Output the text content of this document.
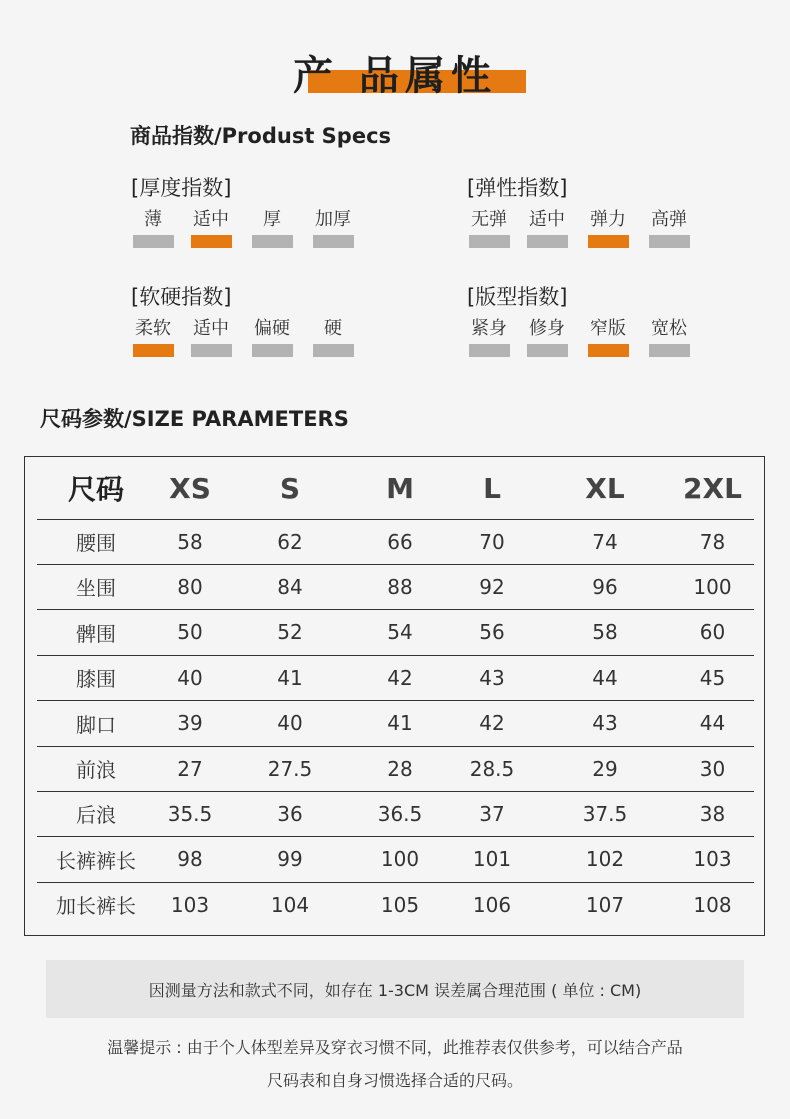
产 品属性
商品指数/Produst Specs
[厚度指数]
薄	适中	厚	加厚
[弹性指数]
无弹 适中 弹力 高弹
[软硬指数]
柔软 适中 偏硬	硬
[版型指数]
紧身 修身 窄版 宽松
尺码参数/SIZE PARAMETERS
尺码	XS	S	M	L	XL	2XL
腰围	58	62	66	70	74	78
坐围	80	84	88	92	96	100
髀围	50	52	54	56	58	60
膝围	40	41	42	43	44	45
脚口	39	40	41	42	43	44
前浪	27	27.5	28	28.5	29	30
后浪	35.5	36	36.5	37	37.5	38
长裤裤长	98	99	100	101	102	103
加长裤长	103	104	105	106	107	108
因测量方法和款式不同，如存在 1-3CM 误差属合理范围 ( 单位 : CM)
温馨提示 : 由于个人体型差异及穿衣习惯不同，此推荐表仅供参考，可以结合产品
尺码表和自身习惯选择合适的尺码。
